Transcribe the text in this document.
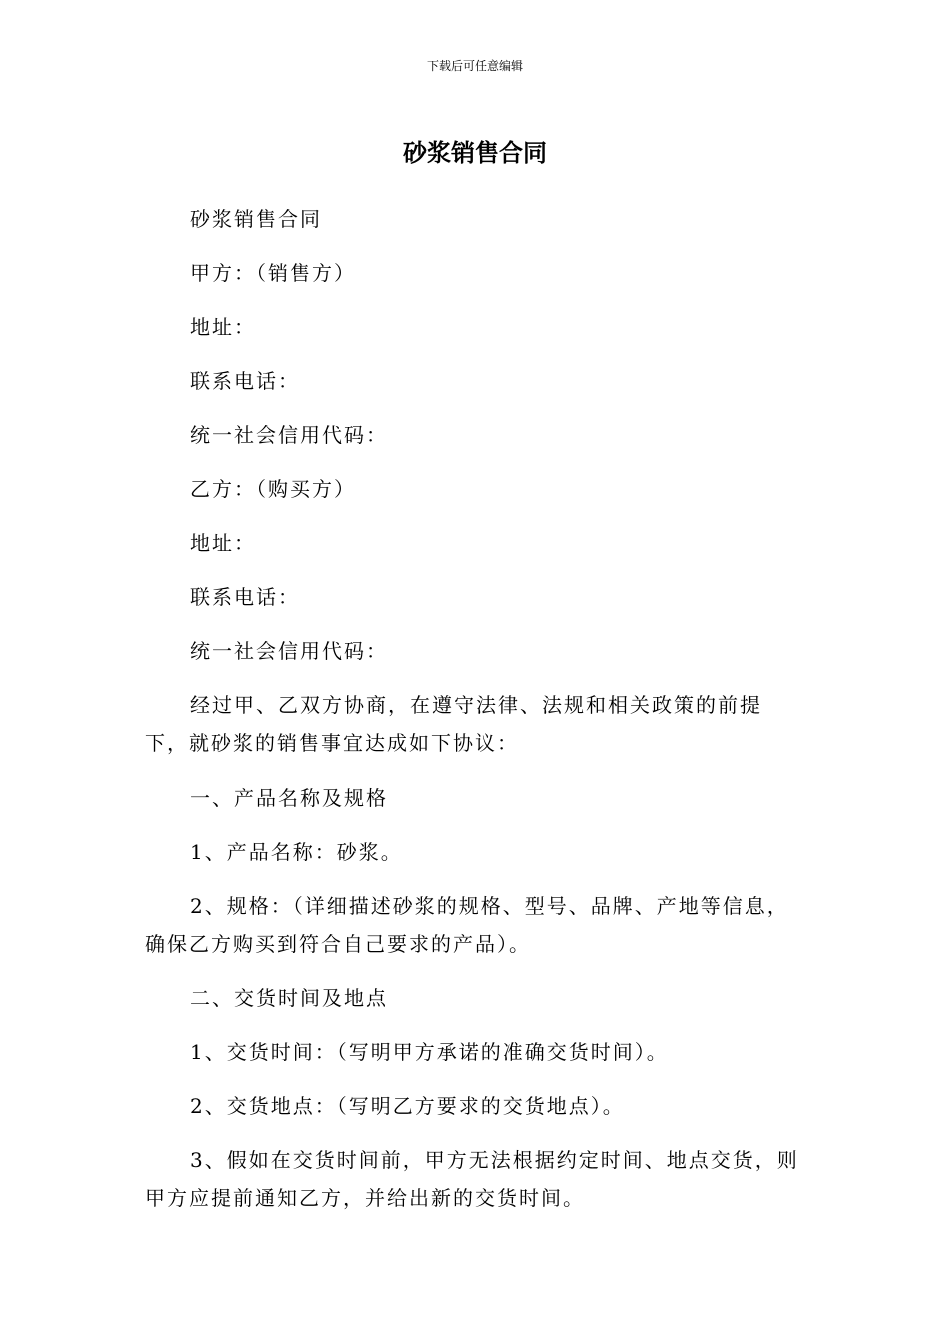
下载后可任意编辑
砂浆销售合同

砂浆销售合同

甲方：（销售方）

地址：

联系电话：

统一社会信用代码：

乙方：（购买方）

地址：

联系电话：

统一社会信用代码：

经过甲、乙双方协商，在遵守法律、法规和相关政策的前提下，就砂浆的销售事宜达成如下协议：

一、产品名称及规格

1、产品名称：砂浆。

2、规格：（详细描述砂浆的规格、型号、品牌、产地等信息，确保乙方购买到符合自己要求的产品）。

二、交货时间及地点

1、交货时间：（写明甲方承诺的准确交货时间）。

2、交货地点：（写明乙方要求的交货地点）。

3、假如在交货时间前，甲方无法根据约定时间、地点交货，则甲方应提前通知乙方，并给出新的交货时间。
